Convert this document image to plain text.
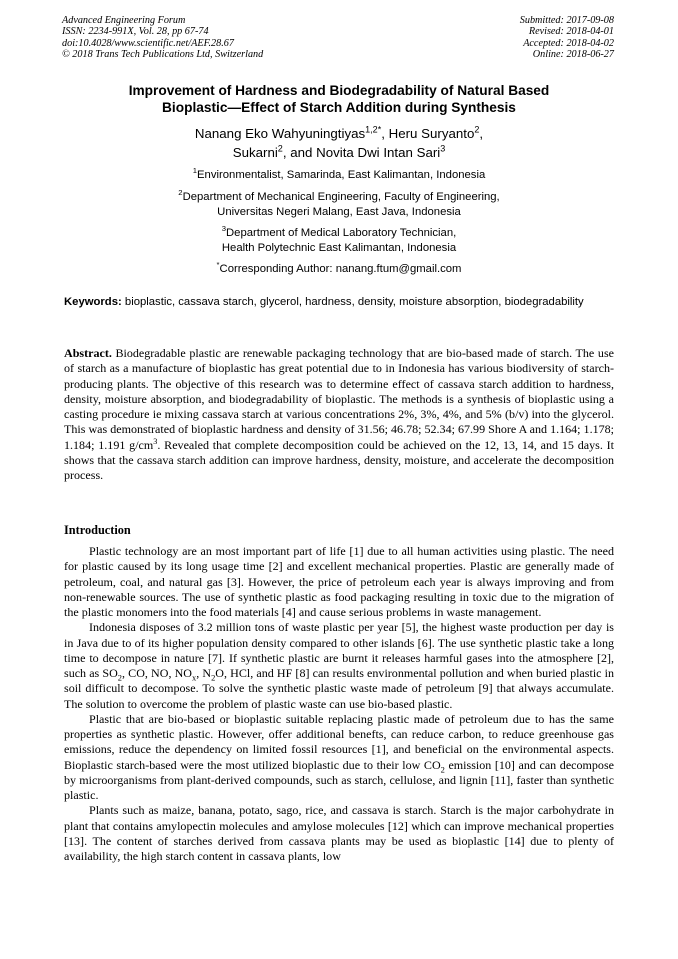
Advanced Engineering Forum
ISSN: 2234-991X, Vol. 28, pp 67-74
doi:10.4028/www.scientific.net/AEF.28.67
© 2018 Trans Tech Publications Ltd, Switzerland
Submitted: 2017-09-08
Revised: 2018-04-01
Accepted: 2018-04-02
Online: 2018-06-27
Improvement of Hardness and Biodegradability of Natural Based
Bioplastic—Effect of Starch Addition during Synthesis
Nanang Eko Wahyuningtiyas$^{1,2*}$, Heru Suryanto$^2$,
Sukarni$^2$, and Novita Dwi Intan Sari$^3$
$^1$Environmentalist, Samarinda, East Kalimantan, Indonesia
$^2$Department of Mechanical Engineering, Faculty of Engineering,
Universitas Negeri Malang, East Java, Indonesia
$^3$Department of Medical Laboratory Technician,
Health Polytechnic East Kalimantan, Indonesia
*Corresponding Author: nanang.ftum@gmail.com
Keywords: bioplastic, cassava starch, glycerol, hardness, density, moisture absorption, biodegradability
Abstract. Biodegradable plastic are renewable packaging technology that are bio-based made of starch. The use of starch as a manufacture of bioplastic has great potential due to in Indonesia has various biodiversity of starch-producing plants. The objective of this research was to determine effect of cassava starch addition to hardness, density, moisture absorption, and biodegradability of bioplastic. The methods is a synthesis of bioplastic using a casting procedure ie mixing cassava starch at various concentrations 2%, 3%, 4%, and 5% (b/v) into the glycerol. This was demonstrated of bioplastic hardness and density of 31.56; 46.78; 52.34; 67.99 Shore A and 1.164; 1.178; 1.184; 1.191 $g/cm^3$. Revealed that complete decomposition could be achieved on the 12, 13, 14, and 15 days. It shows that the cassava starch addition can improve hardness, density, moisture, and accelerate the decomposition process.
Introduction

Plastic technology are an most important part of life [1] due to all human activities using plastic. The need for plastic caused by its long usage time [2] and excellent mechanical properties. Plastic are generally made of petroleum, coal, and natural gas [3]. However, the price of petroleum each year is always improving and from non-renewable sources. The use of synthetic plastic as food packaging resulting in toxic due to the migration of the plastic monomers into the food materials [4] and cause serious problems in waste management.

Indonesia disposes of 3.2 million tons of waste plastic per year [5], the highest waste production per day is in Java due to of its higher population density compared to other islands [6]. The use synthetic plastic take a long time to decompose in nature [7]. If synthetic plastic are burnt it releases harmful gases into the atmosphere [2], such as $SO_2$, CO, NO, $NO_x$, $N_2O$, HCl, and HF [8] can results environmental pollution and when buried plastic in soil difficult to decompose. To solve the synthetic plastic waste made of petroleum [9] that always accumulate. The solution to overcome the problem of plastic waste can use bio-based plastic.

Plastic that are bio-based or bioplastic suitable replacing plastic made of petroleum due to has the same properties as synthetic plastic. However, offer additional benefts, can reduce carbon, to reduce greenhouse gas emissions, reduce the dependency on limited fossil resources [1], and beneficial on the environmental aspects. Bioplastic starch-based were the most utilized bioplastic due to their low $CO_2$ emission [10] and can decompose by microorganisms from plant-derived compounds, such as starch, cellulose, and lignin [11], faster than synthetic plastic.

Plants such as maize, banana, potato, sago, rice, and cassava is starch. Starch is the major carbohydrate in plant that contains amylopectin molecules and amylose molecules [12] which can improve mechanical properties [13]. The content of starches derived from cassava plants may be used as bioplastic [14] due to plenty of availability, the high starch content in cassava plants, low
